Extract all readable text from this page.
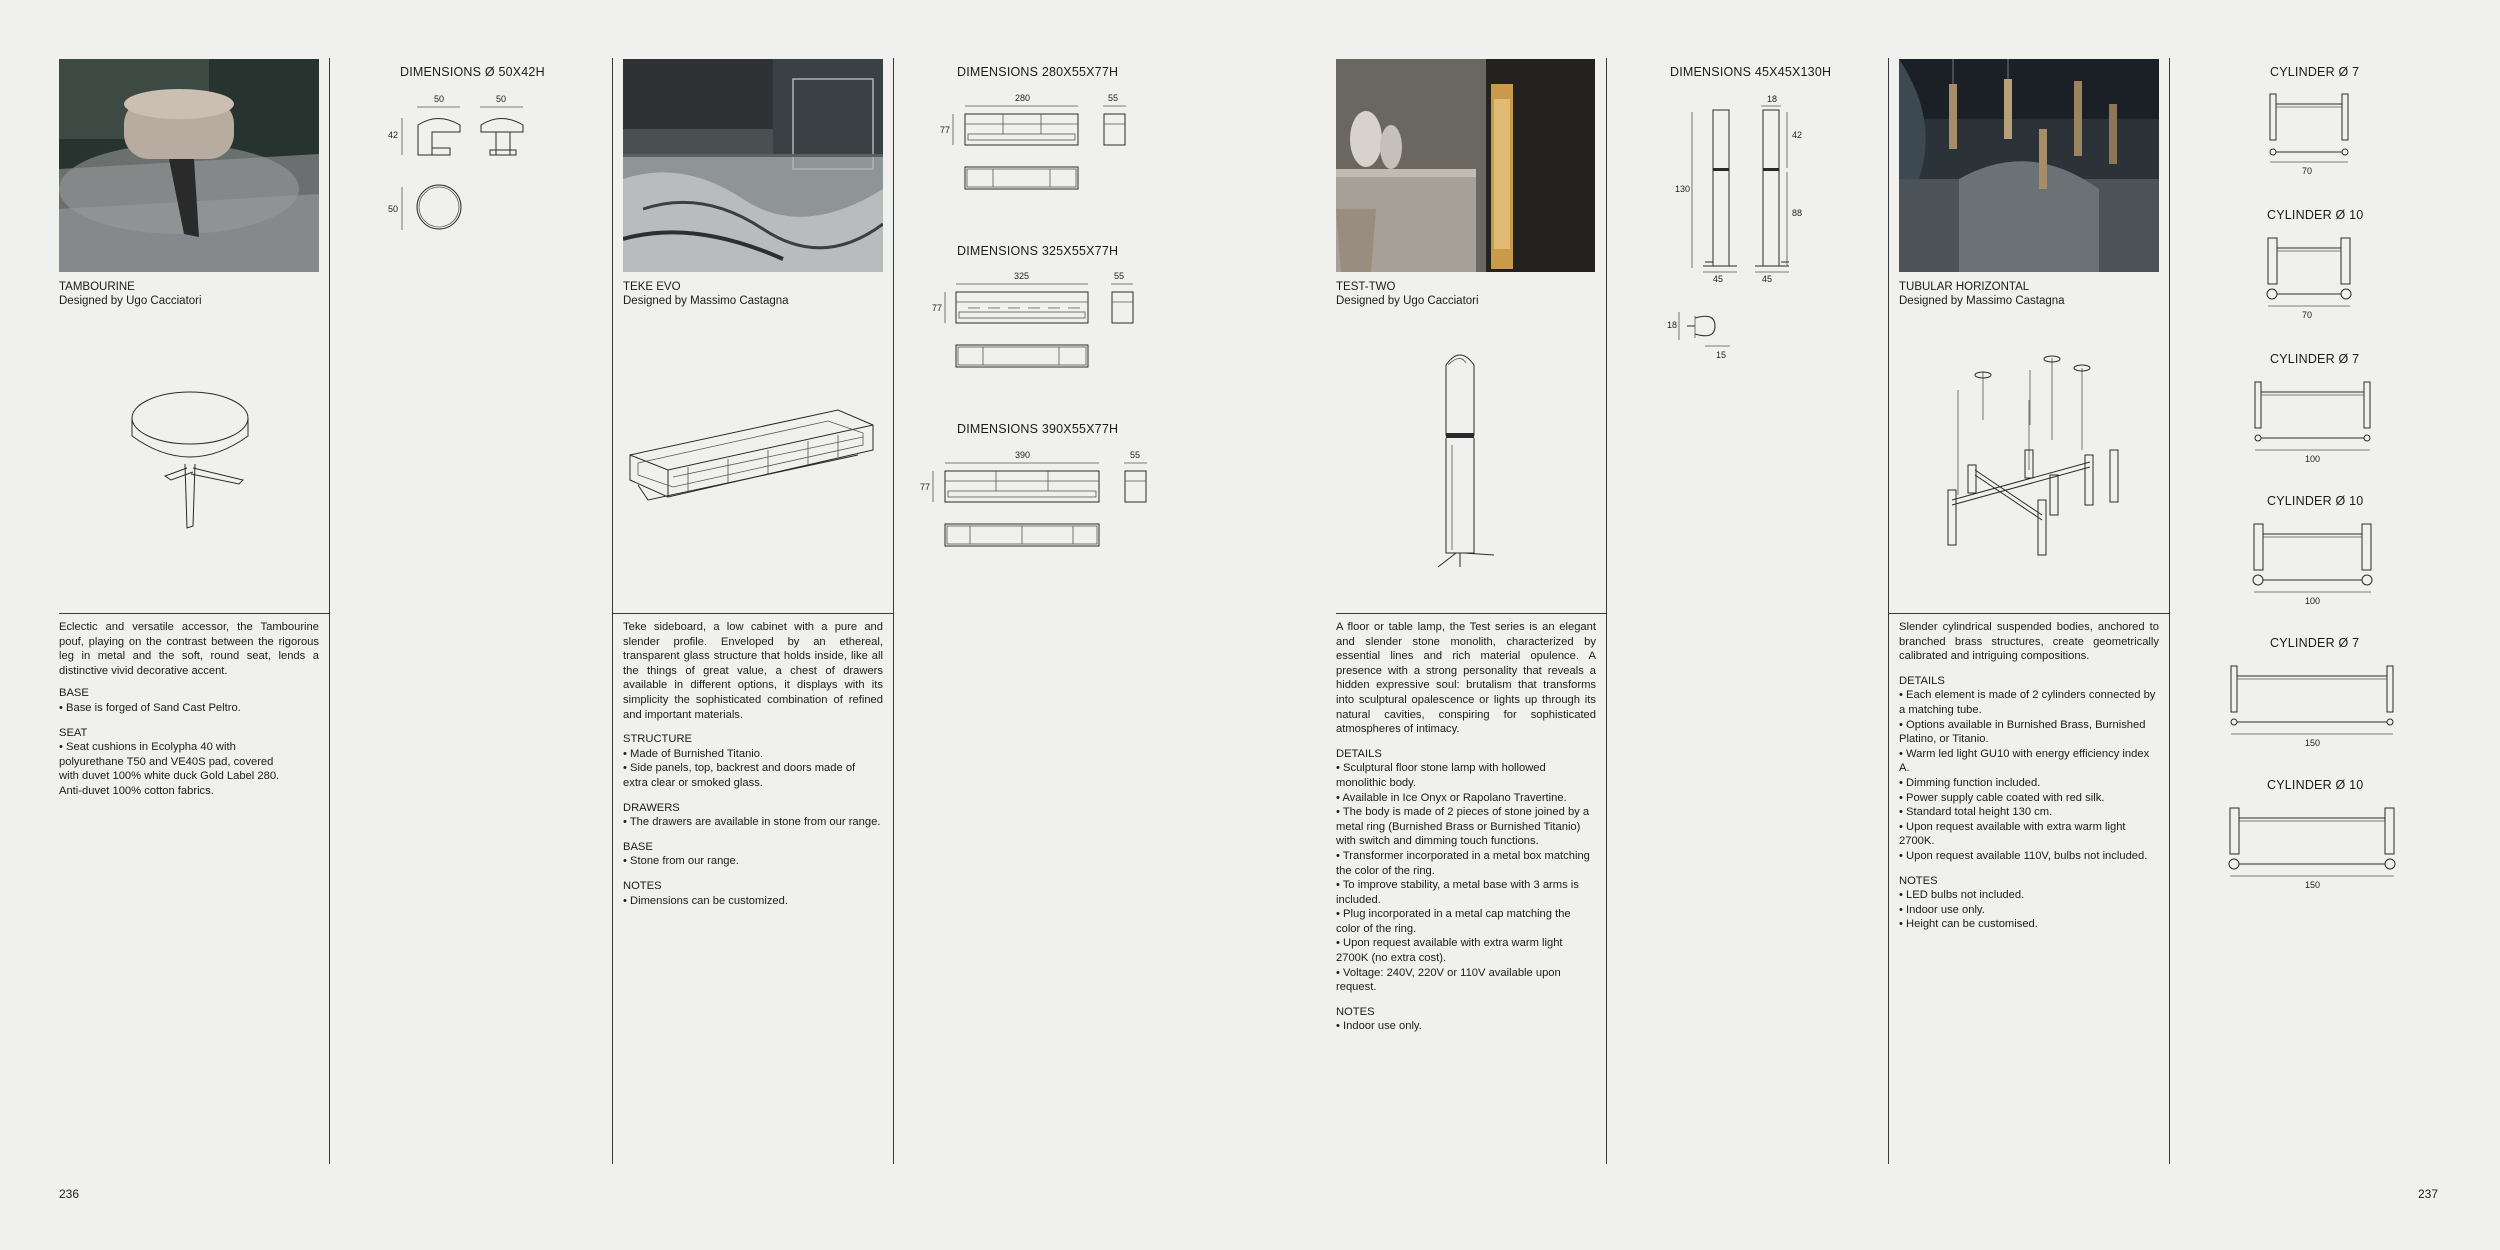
TAMBOURINE
Designed by Ugo Cacciatori
DIMENSIONS Ø 50X42H
50	50
42
50

Eclectic and versatile accessor, the Tambourine pouf, playing on the contrast between the rigorous leg in metal and the soft, round seat, lends a distinctive vivid decorative accent.

BASE
• Base is forged of Sand Cast Peltro.
SEAT
• Seat cushions in Ecolypha 40 with polyurethane T50 and VE40S pad, covered with duvet 100% white duck Gold Label 280. Anti-duvet 100% cotton fabrics.
TEKE EVO
Designed by Massimo Castagna
DIMENSIONS 280X55X77H
280	55
77
DIMENSIONS 325X55X77H
325	55
77
DIMENSIONS 390X55X77H
390	55
77

Teke sideboard, a low cabinet with a pure and slender profile. Enveloped by an ethereal, transparent glass structure that holds inside, like all the things of great value, a chest of drawers available in different options, it displays with its simplicity the sophisticated combination of refined and important materials.

STRUCTURE
• Made of Burnished Titanio.
• Side panels, top, backrest and doors made of extra clear or smoked glass.
DRAWERS
• The drawers are available in stone from our range.
BASE
• Stone from our range.
NOTES
• Dimensions can be customized.
TEST-TWO
Designed by Ugo Cacciatori
DIMENSIONS 45X45X130H
18
130
45	45
42
88
18
15

A floor or table lamp, the Test series is an elegant and slender stone monolith, characterized by essential lines and rich material opulence. A presence with a strong personality that reveals a hidden expressive soul: brutalism that transforms into sculptural opalescence or lights up through its natural cavities, conspiring for sophisticated atmospheres of intimacy.

DETAILS
• Sculptural floor stone lamp with hollowed monolithic body.
• Available in Ice Onyx or Rapolano Travertine.
• The body is made of 2 pieces of stone joined by a metal ring (Burnished Brass or Burnished Titanio) with switch and dimming touch functions.
• Transformer incorporated in a metal box matching the color of the ring.
• To improve stability, a metal base with 3 arms is included.
• Plug incorporated in a metal cap matching the color of the ring.
• Upon request available with extra warm light 2700K (no extra cost).
• Voltage: 240V, 220V or 110V available upon request.
NOTES
• Indoor use only.
TUBULAR HORIZONTAL
Designed by Massimo Castagna

Slender cylindrical suspended bodies, anchored to branched brass structures, create geometrically calibrated and intriguing compositions.

DETAILS
• Each element is made of 2 cylinders connected by a matching tube.
• Options available in Burnished Brass, Burnished Platino, or Titanio.
• Warm led light GU10 with energy efficiency index A.
• Dimming function included.
• Power supply cable coated with red silk.
• Standard total height 130 cm.
• Upon request available with extra warm light 2700K.
• Upon request available 110V, bulbs not included.
NOTES
• LED bulbs not included.
• Indoor use only.
• Height can be customised.
CYLINDER Ø 7
70
CYLINDER Ø 10
70
CYLINDER Ø 7
100
CYLINDER Ø 10
100
CYLINDER Ø 7
150
CYLINDER Ø 10
150
236	237
